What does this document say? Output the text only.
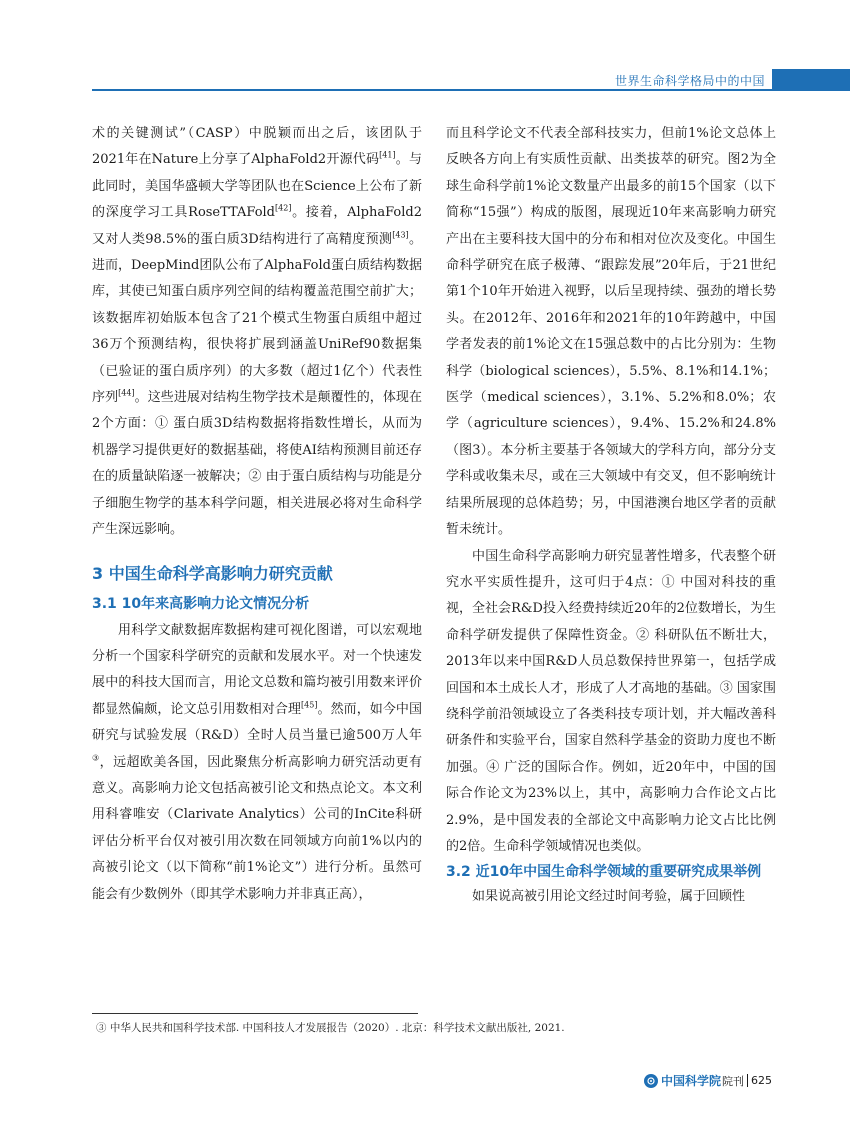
世界生命科学格局中的中国

术的关键测试”（CASP）中脱颖而出之后，该团队于2021年在Nature上分享了AlphaFold2开源代码[41]。与此同时，美国华盛顿大学等团队也在Science上公布了新的深度学习工具RoseTTAFold[42]。接着，AlphaFold2又对人类98.5%的蛋白质3D结构进行了高精度预测[43]。进而，DeepMind团队公布了AlphaFold蛋白质结构数据库，其使已知蛋白质序列空间的结构覆盖范围空前扩大；该数据库初始版本包含了21个模式生物蛋白质组中超过36万个预测结构，很快将扩展到涵盖UniRef90数据集（已验证的蛋白质序列）的大多数（超过1亿个）代表性序列[44]。这些进展对结构生物学技术是颠覆性的，体现在2个方面：① 蛋白质3D结构数据将指数性增长，从而为机器学习提供更好的数据基础，将使AI结构预测目前还存在的质量缺陷逐一被解决；② 由于蛋白质结构与功能是分子细胞生物学的基本科学问题，相关进展必将对生命科学产生深远影响。

3 中国生命科学高影响力研究贡献
3.1 10年来高影响力论文情况分析

用科学文献数据库数据构建可视化图谱，可以宏观地分析一个国家科学研究的贡献和发展水平。对一个快速发展中的科技大国而言，用论文总数和篇均被引用数来评价都显然偏颇，论文总引用数相对合理[45]。然而，如今中国研究与试验发展（R&D）全时人员当量已逾500万人年③，远超欧美各国，因此聚焦分析高影响力研究活动更有意义。高影响力论文包括高被引论文和热点论文。本文利用科睿唯安（Clarivate Analytics）公司的InCite科研评估分析平台仅对被引用次数在同领域方向前1%以内的高被引论文（以下简称“前1%论文”）进行分析。虽然可能会有少数例外（即其学术影响力并非真正高），

而且科学论文不代表全部科技实力，但前1%论文总体上反映各方向上有实质性贡献、出类拔萃的研究。图2为全球生命科学前1%论文数量产出最多的前15个国家（以下简称“15强”）构成的版图，展现近10年来高影响力研究产出在主要科技大国中的分布和相对位次及变化。中国生命科学研究在底子极薄、“跟踪发展”20年后，于21世纪第1个10年开始进入视野，以后呈现持续、强劲的增长势头。在2012年、2016年和2021年的10年跨越中，中国学者发表的前1%论文在15强总数中的占比分别为：生物科学（biological sciences），5.5%、8.1%和14.1%；医学（medical sciences），3.1%、5.2%和8.0%；农学（agriculture sciences），9.4%、15.2%和24.8%（图3）。本分析主要基于各领域大的学科方向，部分分支学科或收集未尽，或在三大领域中有交叉，但不影响统计结果所展现的总体趋势；另，中国港澳台地区学者的贡献暂未统计。

中国生命科学高影响力研究显著性增多，代表整个研究水平实质性提升，这可归于4点：① 中国对科技的重视，全社会R&D投入经费持续近20年的2位数增长，为生命科学研发提供了保障性资金。② 科研队伍不断壮大，2013年以来中国R&D人员总数保持世界第一，包括学成回国和本土成长人才，形成了人才高地的基础。③ 国家围绕科学前沿领域设立了各类科技专项计划，并大幅改善科研条件和实验平台，国家自然科学基金的资助力度也不断加强。④ 广泛的国际合作。例如，近20年中，中国的国际合作论文为23%以上，其中，高影响力合作论文占比2.9%，是中国发表的全部论文中高影响力论文占比比例的2倍。生命科学领域情况也类似。

3.2 近10年中国生命科学领域的重要研究成果举例

如果说高被引用论文经过时间考验，属于回顾性

③ 中华人民共和国科学技术部. 中国科技人才发展报告（2020）. 北京：科学技术文献出版社, 2021.
中国科学院 院刊 625
